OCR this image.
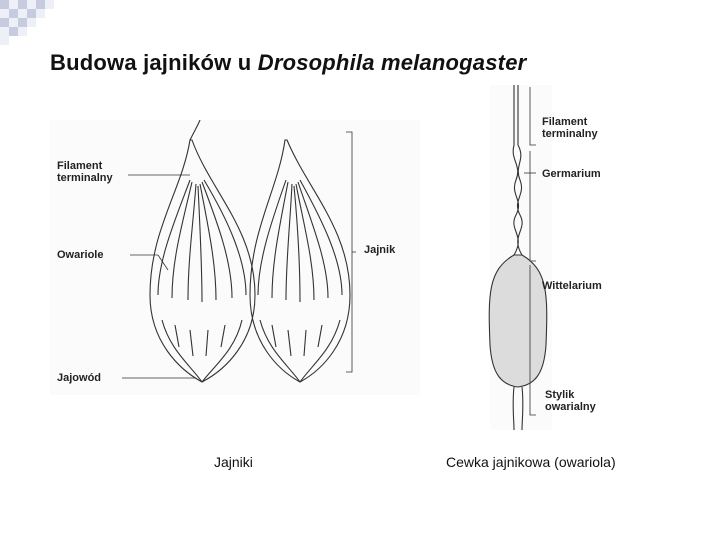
Budowa jajników u Drosophila melanogaster
Filament
terminalny
Owariole
Jajowód
Jajnik
Filament
terminalny
Germarium
Wittelarium
Stylik
owarialny
Jajniki	Cewka jajnikowa (owariola)
